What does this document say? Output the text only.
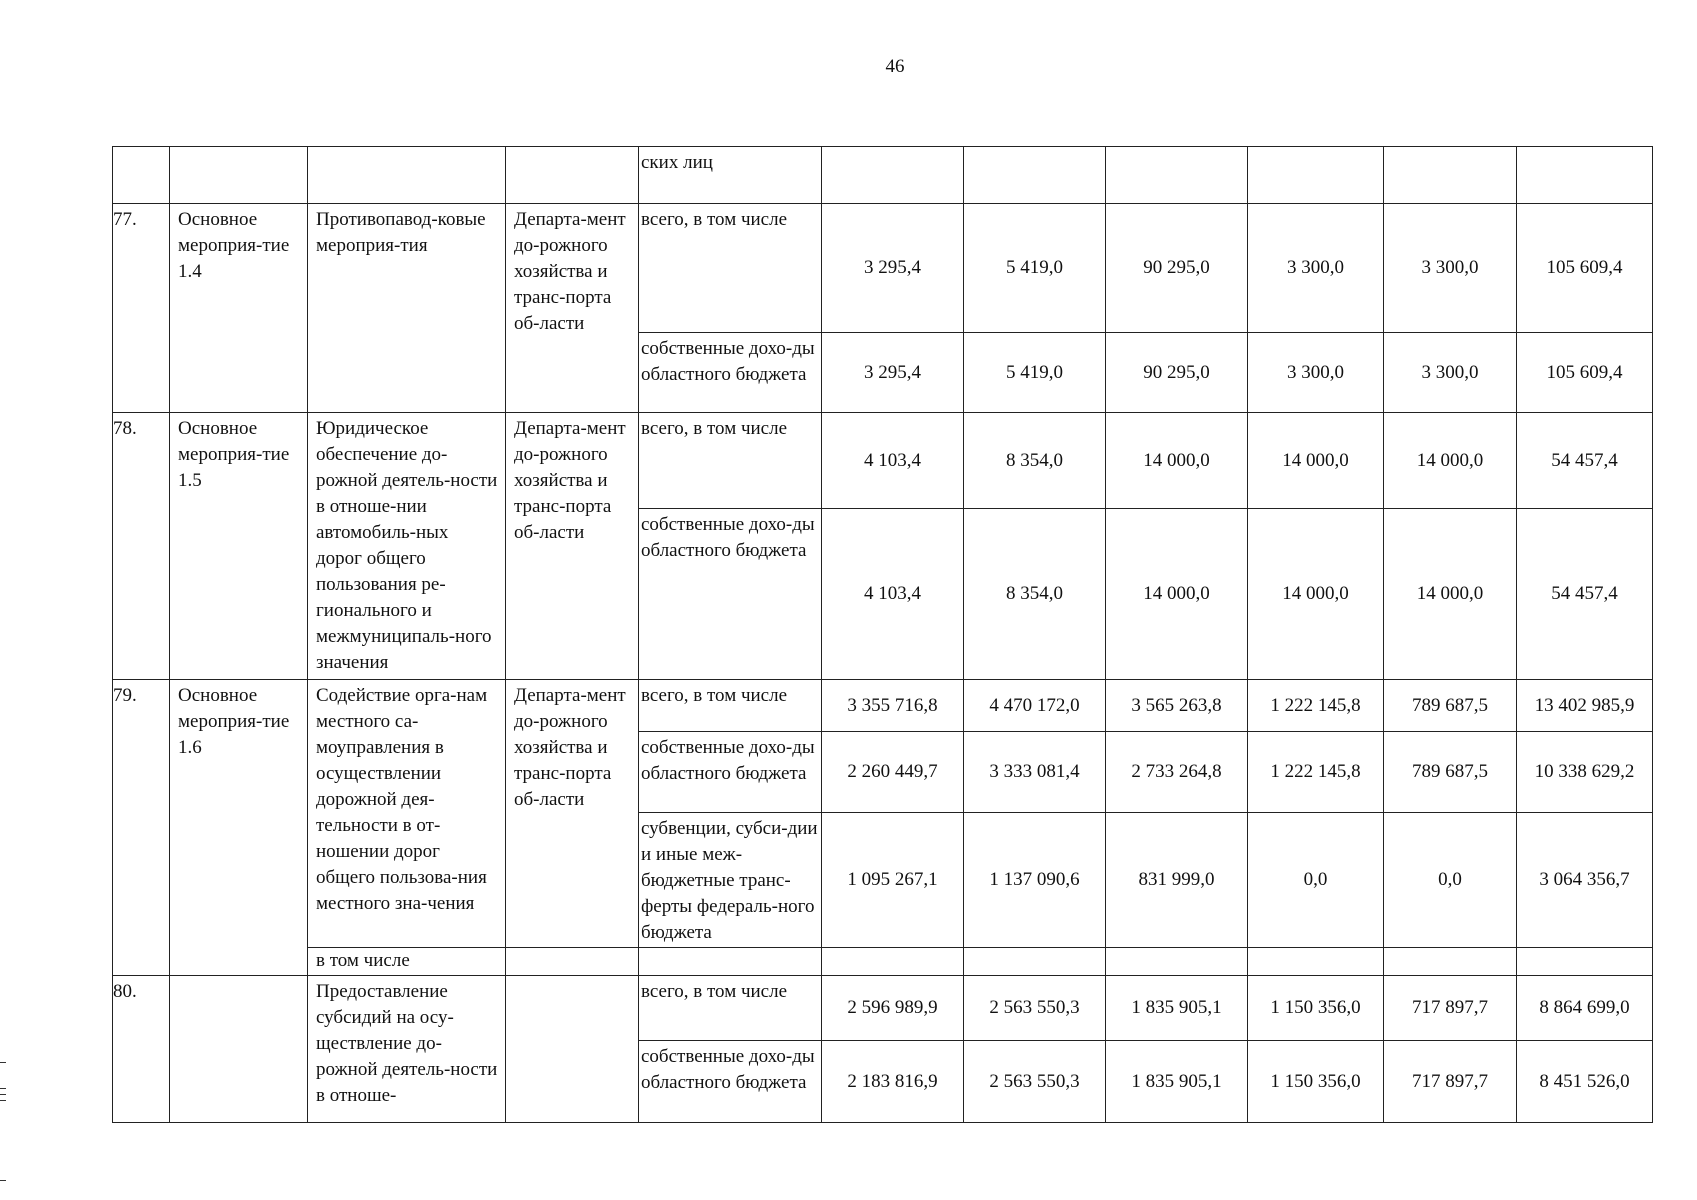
46
				ских лиц							
77.	Основное мероприя-тие 1.4	Противопавод-ковые мероприя-тия	Департа-мент до-рожного хозяйства и транс-порта об-ласти	всего, в том числе	3 295,4	5 419,0	90 295,0	3 300,0	3 300,0	105 609,4	
				собственные дохо-ды областного бюджета	3 295,4	5 419,0	90 295,0	3 300,0	3 300,0	105 609,4	
78.	Основное мероприя-тие 1.5	Юридическое обеспечение до-рожной деятель-ности в отноше-нии автомобиль-ных дорог общего пользования ре-гионального и межмуниципаль-ного значения	Департа-мент до-рожного хозяйства и транс-порта об-ласти	всего, в том числе	4 103,4	8 354,0	14 000,0	14 000,0	14 000,0	54 457,4	
				собственные дохо-ды областного бюджета	4 103,4	8 354,0	14 000,0	14 000,0	14 000,0	54 457,4	
79.	Основное мероприя-тие 1.6	Содействие орга-нам местного са-моуправления в осуществлении дорожной дея-тельности в от-ношении дорог общего пользова-ния местного зна-чения	Департа-мент до-рожного хозяйства и транс-порта об-ласти	всего, в том числе	3 355 716,8	4 470 172,0	3 565 263,8	1 222 145,8	789 687,5	13 402 985,9	
				собственные дохо-ды областного бюджета	2 260 449,7	3 333 081,4	2 733 264,8	1 222 145,8	789 687,5	10 338 629,2	
				субвенции, субси-дии и иные меж-бюджетные транс-ферты федераль-ного бюджета	1 095 267,1	1 137 090,6	831 999,0	0,0	0,0	3 064 356,7	
		в том числе									
80.		Предоставление субсидий на осу-ществление до-рожной деятель-ности в отноше-		всего, в том числе	2 596 989,9	2 563 550,3	1 835 905,1	1 150 356,0	717 897,7	8 864 699,0	
				собственные дохо-ды областного бюджета	2 183 816,9	2 563 550,3	1 835 905,1	1 150 356,0	717 897,7	8 451 526,0	
